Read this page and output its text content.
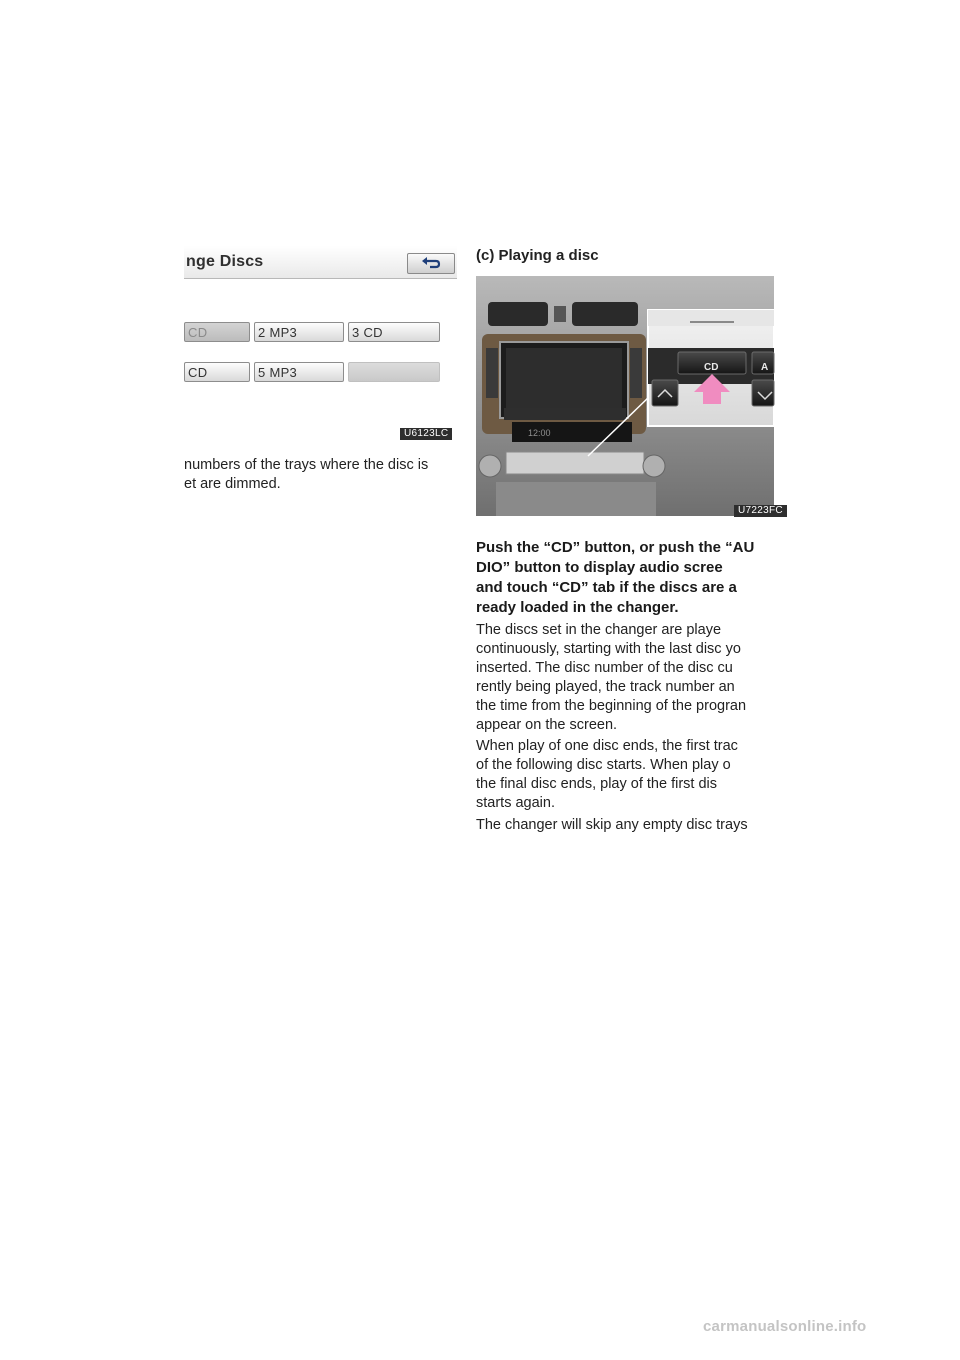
nge Discs
CD	2 MP3	3 CD
CD	5 MP3
U6123LC
numbers of the trays where the disc is
et are dimmed.
(c) Playing a disc
12:00
CD	A
U7223FC
Push the “CD” button, or push the “AU
DIO” button to display audio scree
and touch “CD” tab if the discs are a
ready loaded in the changer.
The discs set in the changer are playe
continuously, starting with the last disc yo
inserted. The disc number of the disc cu
rently being played, the track number an
the time from the beginning of the progran
appear on the screen.
When play of one disc ends, the first trac
of the following disc starts. When play o
the final disc ends, play of the first dis
starts again.
The changer will skip any empty disc trays
carmanualsonline.info
